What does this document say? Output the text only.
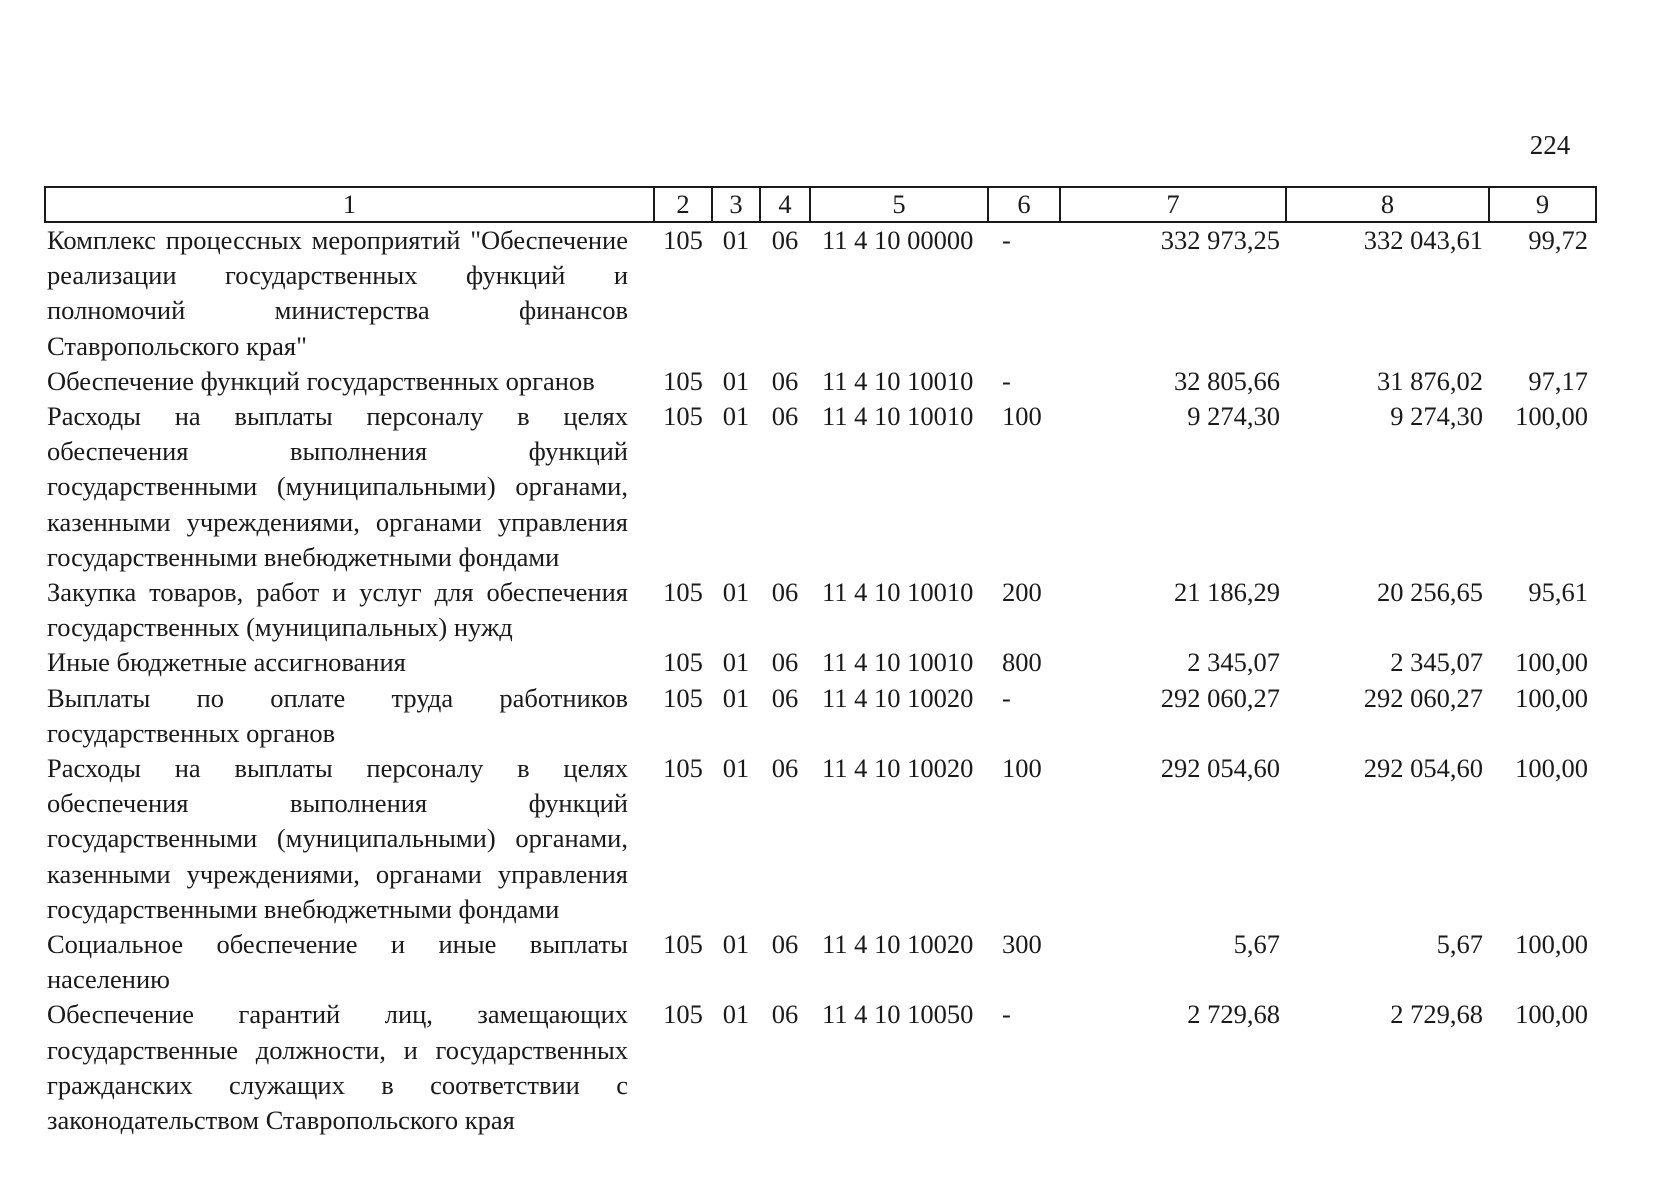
224
1	2	3	4	5	6	7	8	9
Комплекс процессных мероприятий "Обеспечение реализации государственных функций и полномочий министерства финансов Ставропольского края"	105	01	06	11 4 10 00000	-	332 973,25	332 043,61	99,72
Обеспечение функций государственных органов	105	01	06	11 4 10 10010	-	32 805,66	31 876,02	97,17
Расходы на выплаты персоналу в целях обеспечения выполнения функций государственными (муниципальными) органами, казенными учреждениями, органами управления государственными внебюджетными фондами	105	01	06	11 4 10 10010	100	9 274,30	9 274,30	100,00
Закупка товаров, работ и услуг для обеспечения государственных (муниципальных) нужд	105	01	06	11 4 10 10010	200	21 186,29	20 256,65	95,61
Иные бюджетные ассигнования	105	01	06	11 4 10 10010	800	2 345,07	2 345,07	100,00
Выплаты по оплате труда работников государственных органов	105	01	06	11 4 10 10020	-	292 060,27	292 060,27	100,00
Расходы на выплаты персоналу в целях обеспечения выполнения функций государственными (муниципальными) органами, казенными учреждениями, органами управления государственными внебюджетными фондами	105	01	06	11 4 10 10020	100	292 054,60	292 054,60	100,00
Социальное обеспечение и иные выплаты населению	105	01	06	11 4 10 10020	300	5,67	5,67	100,00
Обеспечение гарантий лиц, замещающих государственные должности, и государственных гражданских служащих в соответствии с законодательством Ставропольского края	105	01	06	11 4 10 10050	-	2 729,68	2 729,68	100,00
